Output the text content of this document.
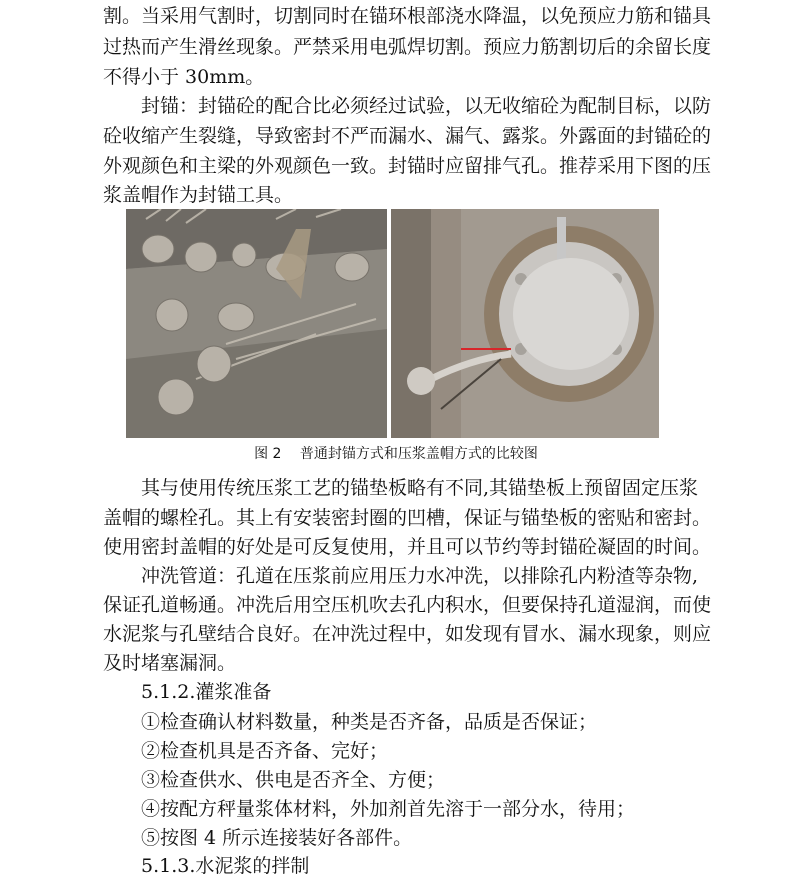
割。当采用气割时，切割同时在锚环根部浇水降温，以免预应力筋和锚具
过热而产生滑丝现象。严禁采用电弧焊切割。预应力筋割切后的余留长度
不得小于 30mm。
封锚：封锚砼的配合比必须经过试验，以无收缩砼为配制目标，以防
砼收缩产生裂缝，导致密封不严而漏水、漏气、露浆。外露面的封锚砼的
外观颜色和主梁的外观颜色一致。封锚时应留排气孔。推荐采用下图的压
浆盖帽作为封锚工具。
图 2　 普通封锚方式和压浆盖帽方式的比较图
其与使用传统压浆工艺的锚垫板略有不同,其锚垫板上预留固定压浆
盖帽的螺栓孔。其上有安装密封圈的凹槽，保证与锚垫板的密贴和密封。
使用密封盖帽的好处是可反复使用，并且可以节约等封锚砼凝固的时间。
冲洗管道：孔道在压浆前应用压力水冲洗，以排除孔内粉渣等杂物,
保证孔道畅通。冲洗后用空压机吹去孔内积水，但要保持孔道湿润，而使
水泥浆与孔壁结合良好。在冲洗过程中，如发现有冒水、漏水现象，则应
及时堵塞漏洞。
5.1.2.灌浆准备
①检查确认材料数量，种类是否齐备，品质是否保证；
②检查机具是否齐备、完好；
③检查供水、供电是否齐全、方便；
④按配方秤量浆体材料，外加剂首先溶于一部分水，待用；
⑤按图 4 所示连接装好各部件。
5.1.3.水泥浆的拌制
